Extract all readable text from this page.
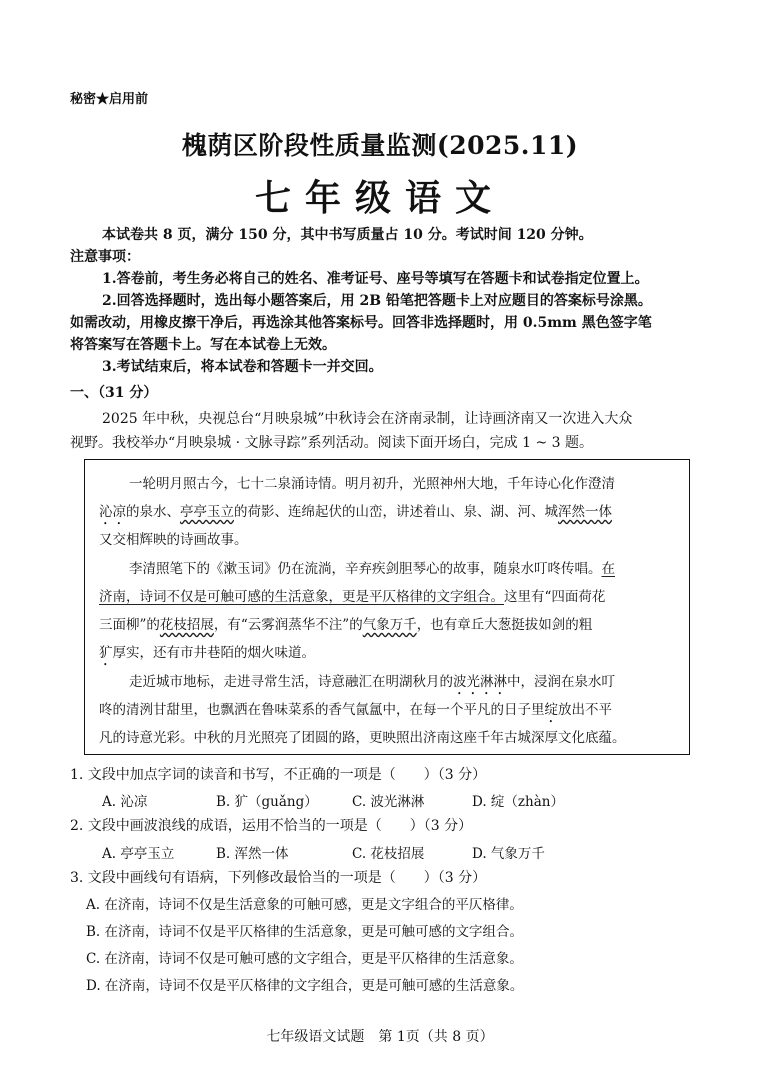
秘密★启用前
槐荫区阶段性质量监测(2025.11)
七年级语文
本试卷共 8 页，满分 150 分，其中书写质量占 10 分。考试时间 120 分钟。
注意事项：
1.答卷前，考生务必将自己的姓名、准考证号、座号等填写在答题卡和试卷指定位置上。
2.回答选择题时，选出每小题答案后，用 2B 铅笔把答题卡上对应题目的答案标号涂黑。
如需改动，用橡皮擦干净后，再选涂其他答案标号。回答非选择题时，用 0.5mm 黑色签字笔
将答案写在答题卡上。写在本试卷上无效。
3.考试结束后，将本试卷和答题卡一并交回。
一、（31 分）
2025 年中秋，央视总台“月映泉城”中秋诗会在济南录制，让诗画济南又一次进入大众
视野。我校举办“月映泉城 · 文脉寻踪”系列活动。阅读下面开场白，完成 1 ~ 3 题。
一轮明月照古今，七十二泉涌诗情。明月初升，光照神州大地，千年诗心化作澄清
沁凉的泉水、亭亭玉立的荷影、连绵起伏的山峦，讲述着山、泉、湖、河、城浑然一体
又交相辉映的诗画故事。
李清照笔下的《漱玉词》仍在流淌，辛弃疾剑胆琴心的故事，随泉水叮咚传唱。在
济南，诗词不仅是可触可感的生活意象，更是平仄格律的文字组合。这里有“四面荷花
三面柳”的花枝招展，有“云雾润蒸华不注”的气象万千，也有章丘大葱挺拔如剑的粗
犷厚实，还有市井巷陌的烟火味道。
走近城市地标，走进寻常生活，诗意融汇在明湖秋月的波光淋淋中，浸润在泉水叮
咚的清洌甘甜里，也飘洒在鲁味菜系的香气氤氲中，在每一个平凡的日子里绽放出不平
凡的诗意光彩。中秋的月光照亮了团圆的路，更映照出济南这座千年古城深厚文化底蕴。
1. 文段中加点字词的读音和书写，不正确的一项是（　　）（3 分）
A. 沁凉	B. 犷（guǎng）	C. 波光淋淋	D. 绽（zhàn）
2. 文段中画波浪线的成语，运用不恰当的一项是（　　）（3 分）
A. 亭亭玉立	B. 浑然一体	C. 花枝招展	D. 气象万千
3. 文段中画线句有语病，下列修改最恰当的一项是（　　）（3 分）
A. 在济南，诗词不仅是生活意象的可触可感，更是文字组合的平仄格律。
B. 在济南，诗词不仅是平仄格律的生活意象，更是可触可感的文字组合。
C. 在济南，诗词不仅是可触可感的文字组合，更是平仄格律的生活意象。
D. 在济南，诗词不仅是平仄格律的文字组合，更是可触可感的生活意象。
七年级语文试题　第 1页（共 8 页）
